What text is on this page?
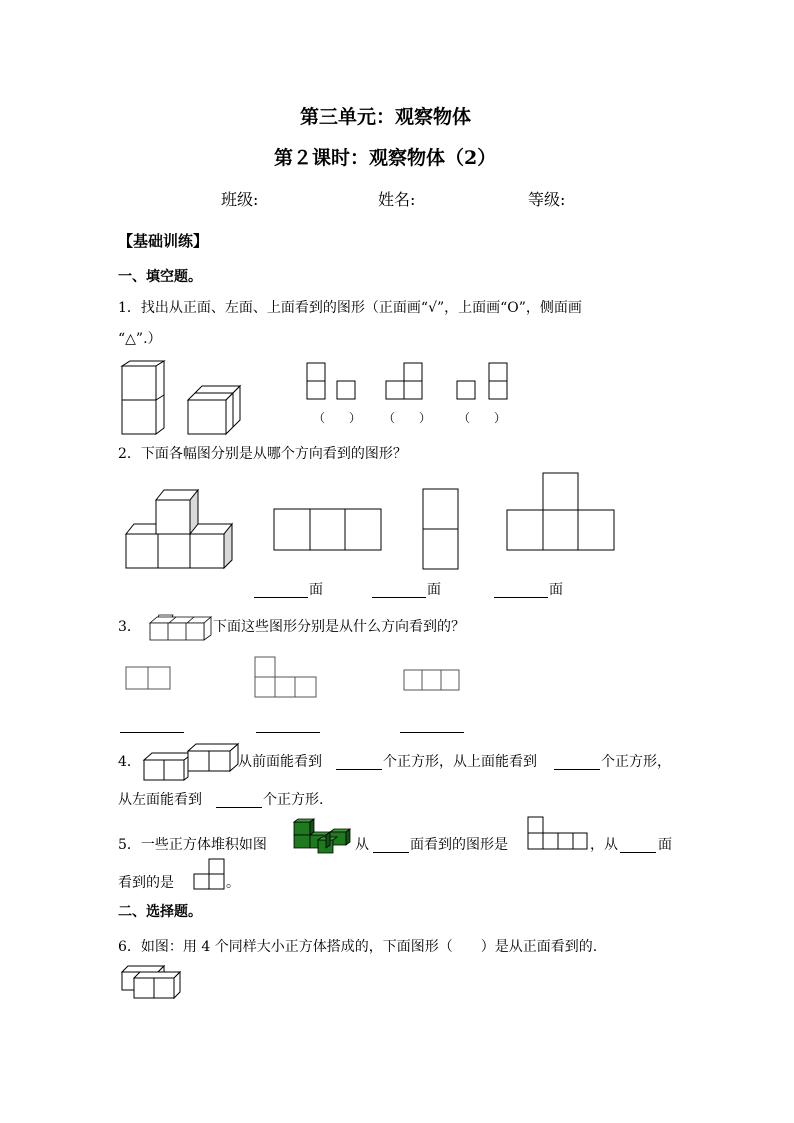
第三单元：观察物体
第２课时：观察物体（2）
班级:	姓名:	等级:
【基础训练】
一、填空题。
1．找出从正面、左面、上面看到的图形（正面画“√”，上面画“O”，侧面画
“△”.）
（　　） （　　） （　　）
2．下面各幅图分别是从哪个方向看到的图形？
面	面	面
3．	下面这些图形分别是从什么方向看到的？
4．	从前面能看到	个正方形，从上面能看到	个正方形，
从左面能看到	个正方形.
5．一些正方体堆积如图	从	面看到的图形是	，从	面
看到的是	。
二、选择题。
6．如图：用 4 个同样大小正方体搭成的，下面图形（　　）是从正面看到的.
